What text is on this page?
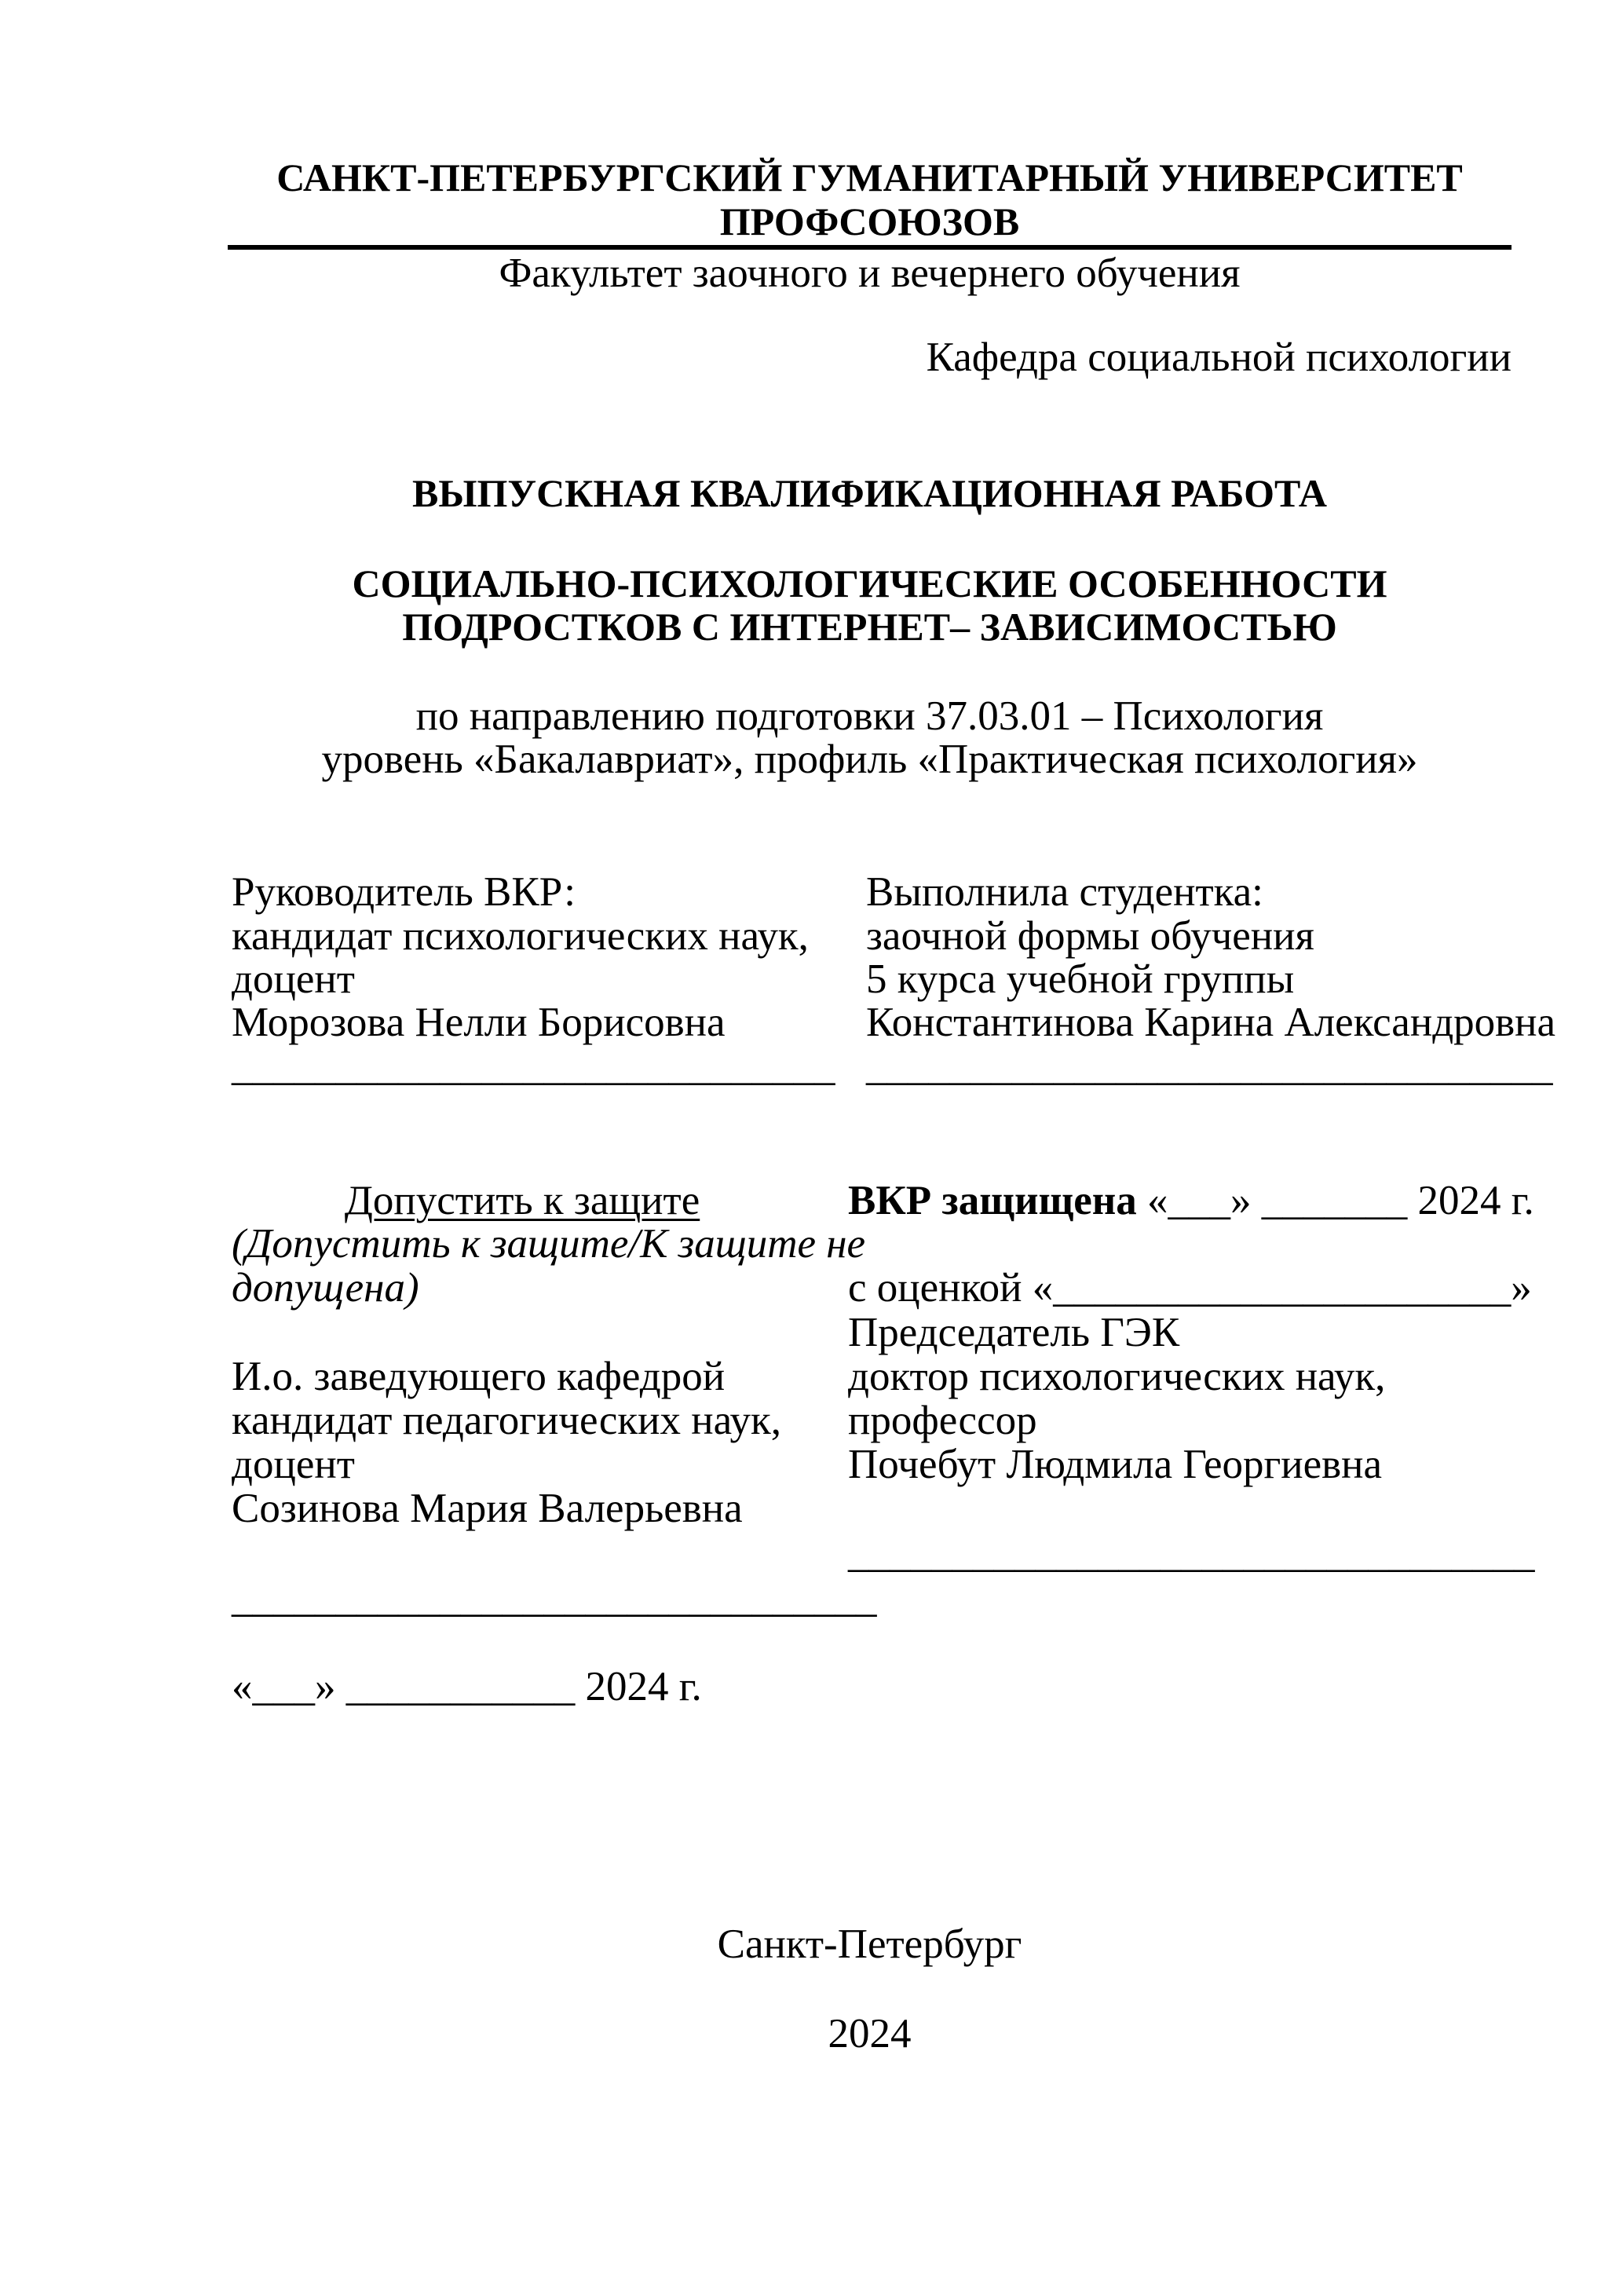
САНКТ-ПЕТЕРБУРГСКИЙ ГУМАНИТАРНЫЙ УНИВЕРСИТЕТ
ПРОФСОЮЗОВ
Факультет заочного и вечернего обучения
Кафедра социальной психологии
ВЫПУСКНАЯ КВАЛИФИКАЦИОННАЯ РАБОТА
СОЦИАЛЬНО-ПСИХОЛОГИЧЕСКИЕ ОСОБЕННОСТИ
ПОДРОСТКОВ С ИНТЕРНЕТ– ЗАВИСИМОСТЬЮ
по направлению подготовки 37.03.01 – Психология
уровень «Бакалавриат», профиль «Практическая психология»
Руководитель ВКР:
кандидат психологических наук,
доцент
Морозова Нелли Борисовна
_____________________________
Выполнила студентка:
заочной формы обучения
5 курса учебной группы
Константинова Карина Александровна
_________________________________
Допустить к защите
(Допустить к защите/К защите не
допущена)
И.о. заведующего кафедрой
кандидат педагогических наук,
доцент
Созинова Мария Валерьевна
_______________________________
«___» ___________ 2024 г.
ВКР защищена «___» _______ 2024 г.
с оценкой «______________________»
Председатель ГЭК
доктор психологических наук,
профессор
Почебут Людмила Георгиевна
_________________________________
Санкт-Петербург
2024
